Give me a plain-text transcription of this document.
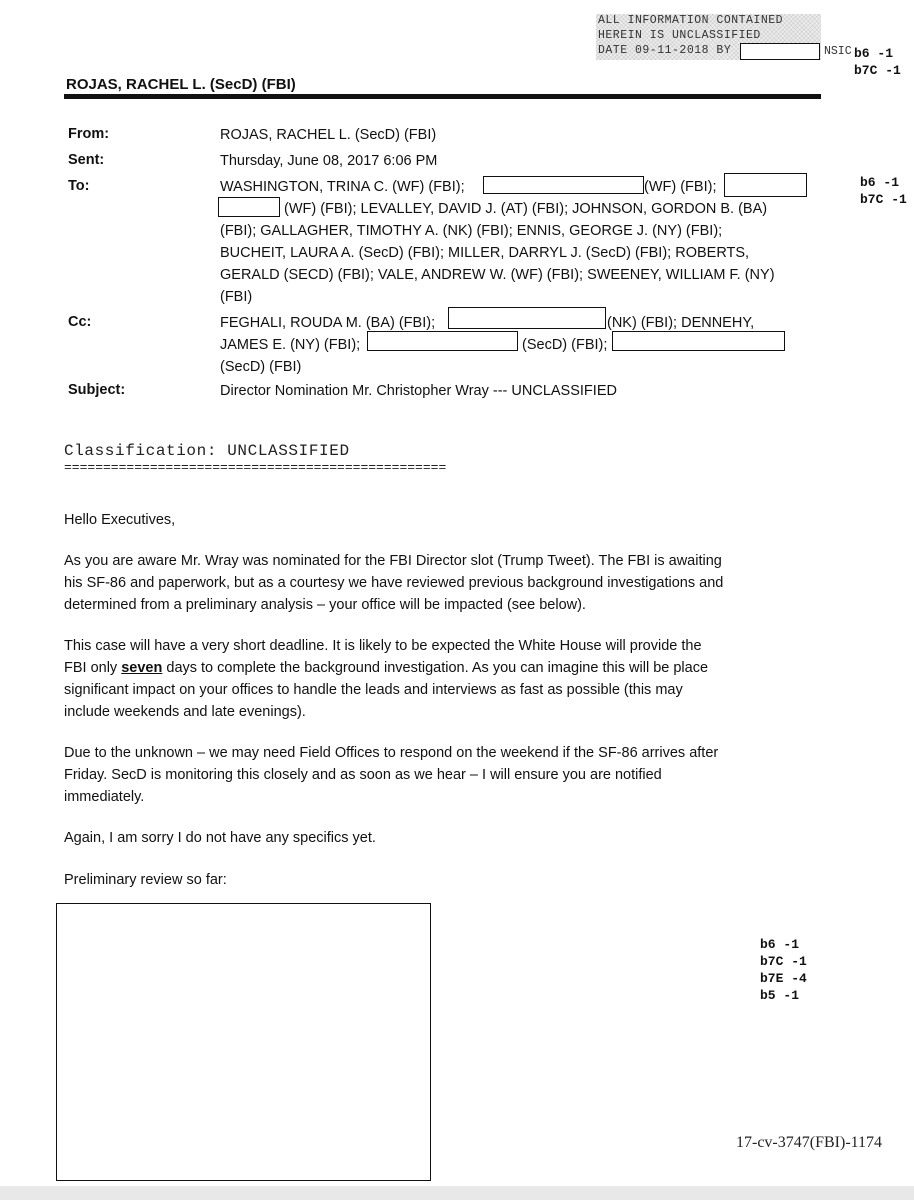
ALL INFORMATION CONTAINED
HEREIN IS UNCLASSIFIED
DATE 09-11-2018 BY	NSIC b6 -1
b7C -1
ROJAS, RACHEL L. (SecD) (FBI)
From:	ROJAS, RACHEL L. (SecD) (FBI)
Sent:	Thursday, June 08, 2017 6:06 PM
To:	WASHINGTON, TRINA C. (WF) (FBI);	(WF) (FBI);
(WF) (FBI); LEVALLEY, DAVID J. (AT) (FBI); JOHNSON, GORDON B. (BA)
(FBI); GALLAGHER, TIMOTHY A. (NK) (FBI); ENNIS, GEORGE J. (NY) (FBI);
BUCHEIT, LAURA A. (SecD) (FBI); MILLER, DARRYL J. (SecD) (FBI); ROBERTS,
GERALD (SECD) (FBI); VALE, ANDREW W. (WF) (FBI); SWEENEY, WILLIAM F. (NY)
(FBI)
b6 -1
b7C -1
Cc:	FEGHALI, ROUDA M. (BA) (FBI);	(NK) (FBI); DENNEHY,
JAMES E. (NY) (FBI);	(SecD) (FBI);
(SecD) (FBI)
Subject:	Director Nomination Mr. Christopher Wray --- UNCLASSIFIED
Classification: UNCLASSIFIED
=================================================
Hello Executives,
As you are aware Mr. Wray was nominated for the FBI Director slot (Trump Tweet). The FBI is awaiting
his SF-86 and paperwork, but as a courtesy we have reviewed previous background investigations and
determined from a preliminary analysis – your office will be impacted (see below).
This case will have a very short deadline. It is likely to be expected the White House will provide the
FBI only seven days to complete the background investigation. As you can imagine this will be place
significant impact on your offices to handle the leads and interviews as fast as possible (this may
include weekends and late evenings).
Due to the unknown – we may need Field Offices to respond on the weekend if the SF-86 arrives after
Friday. SecD is monitoring this closely and as soon as we hear – I will ensure you are notified
immediately.
Again, I am sorry I do not have any specifics yet.
Preliminary review so far:
b6 -1
b7C -1
b7E -4
b5 -1
17-cv-3747(FBI)-1174
